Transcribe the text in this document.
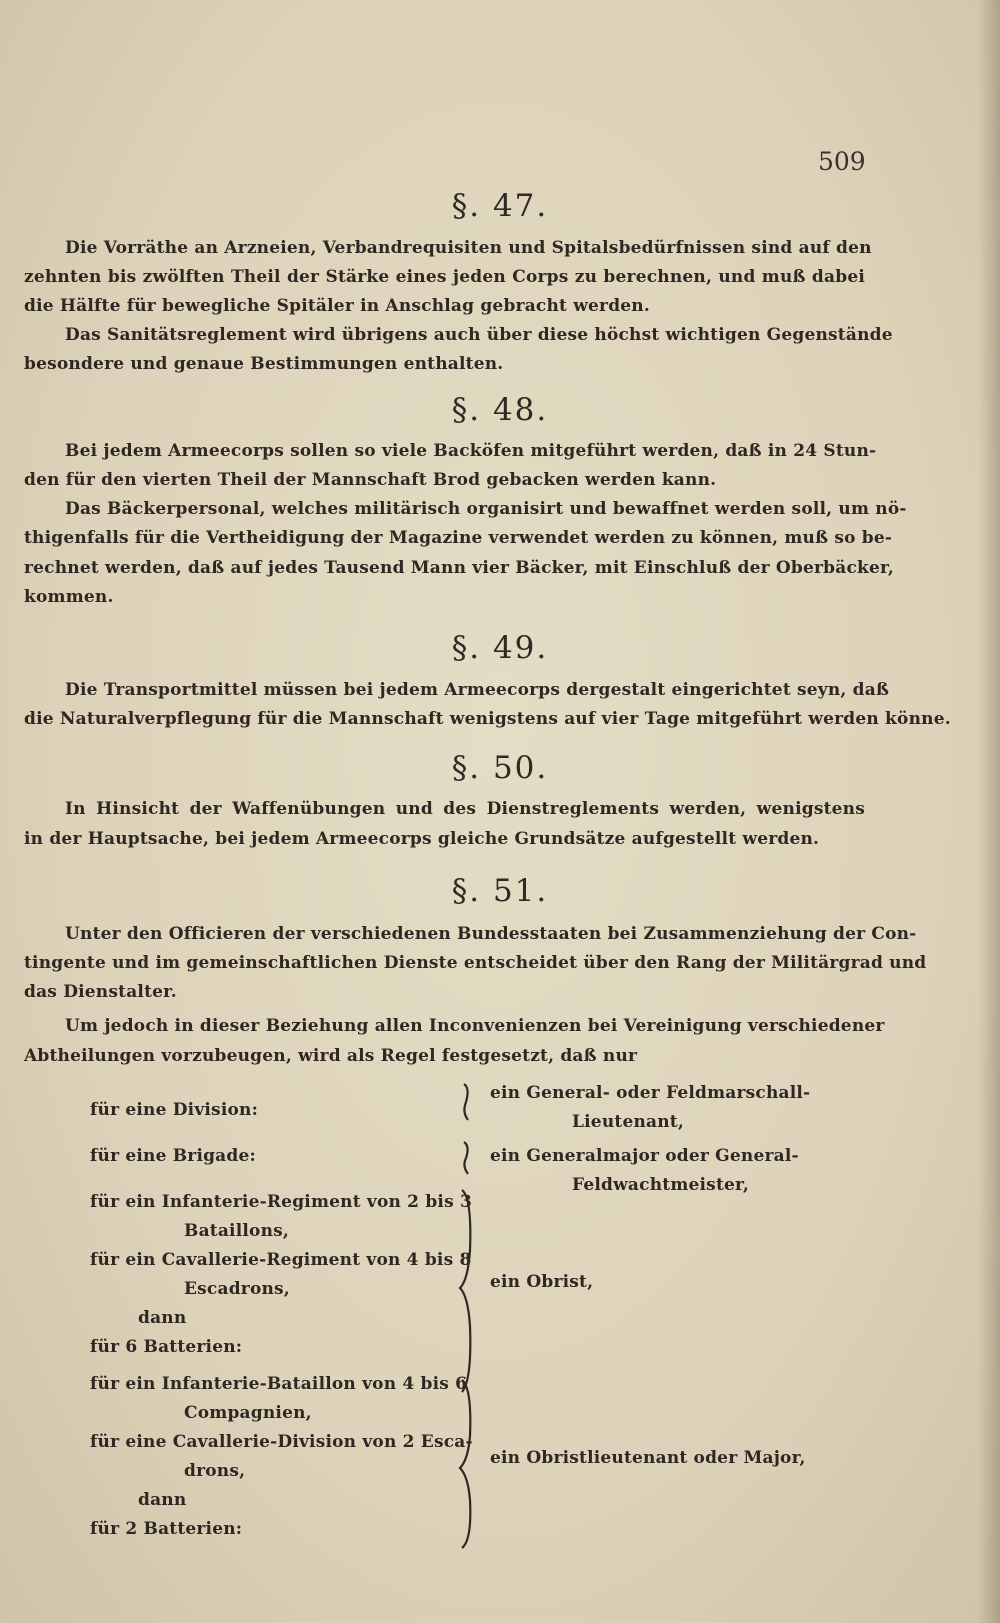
509
§. 47.
Die Vorräthe an Arzneien, Verbandrequisiten und Spitalsbedürfnissen sind auf den
zehnten bis zwölften Theil der Stärke eines jeden Corps zu berechnen, und muß dabei
die Hälfte für bewegliche Spitäler in Anschlag gebracht werden.
Das Sanitätsreglement wird übrigens auch über diese höchst wichtigen Gegenstände
besondere und genaue Bestimmungen enthalten.
§. 48.
Bei jedem Armeecorps sollen so viele Backöfen mitgeführt werden, daß in 24 Stun-
den für den vierten Theil der Mannschaft Brod gebacken werden kann.
Das Bäckerpersonal, welches militärisch organisirt und bewaffnet werden soll, um nö-
thigenfalls für die Vertheidigung der Magazine verwendet werden zu können, muß so be-
rechnet werden, daß auf jedes Tausend Mann vier Bäcker, mit Einschluß der Oberbäcker,
kommen.
§. 49.
Die Transportmittel müssen bei jedem Armeecorps dergestalt eingerichtet seyn, daß
die Naturalverpflegung für die Mannschaft wenigstens auf vier Tage mitgeführt werden könne.
§. 50.
In Hinsicht der Waffenübungen und des Dienstreglements werden, wenigstens
in der Hauptsache, bei jedem Armeecorps gleiche Grundsätze aufgestellt werden.
§. 51.
Unter den Officieren der verschiedenen Bundesstaaten bei Zusammenziehung der Con-
tingente und im gemeinschaftlichen Dienste entscheidet über den Rang der Militärgrad und
das Dienstalter.
Um jedoch in dieser Beziehung allen Inconvenienzen bei Vereinigung verschiedener
Abtheilungen vorzubeugen, wird als Regel festgesetzt, daß nur
für eine Division:
für eine Brigade:
für ein Infanterie-Regiment von 2 bis 3
Bataillons,
für ein Cavallerie-Regiment von 4 bis 8
Escadrons,
dann
für 6 Batterien:
für ein Infanterie-Bataillon von 4 bis 6
Compagnien,
für eine Cavallerie-Division von 2 Esca-
drons,
dann
für 2 Batterien:
ein General- oder Feldmarschall-
Lieutenant,
ein Generalmajor oder General-
Feldwachtmeister,
ein Obrist,
ein Obristlieutenant oder Major,
